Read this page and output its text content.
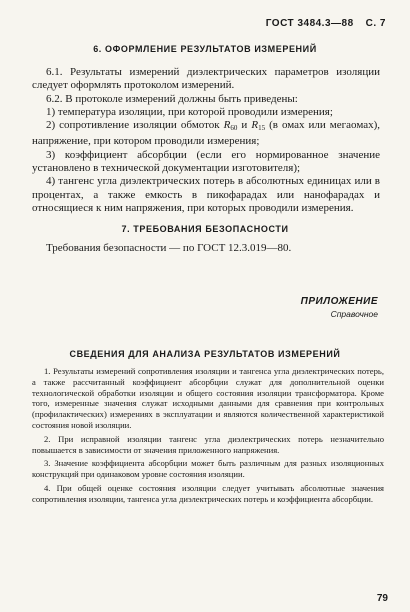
ГОСТ 3484.3—88 С. 7
6. ОФОРМЛЕНИЕ РЕЗУЛЬТАТОВ ИЗМЕРЕНИЙ

6.1. Результаты измерений диэлектрических параметров изоляции следует оформлять протоколом измерений.

6.2. В протоколе измерений должны быть приведены:

1) температура изоляции, при которой проводили измерения;

2) сопротивление изоляции обмоток $R_{60}$ и $R_{15}$ (в омах или мегаомах), напряжение, при котором проводили измерения;

3) коэффициент абсорбции (если его нормированное значение установлено в технической документации изготовителя);

4) тангенс угла диэлектрических потерь в абсолютных единицах или в процентах, а также емкость в пикофарадах или нанофарадах и относящиеся к ним напряжения, при которых проводили измерения.

7. ТРЕБОВАНИЯ БЕЗОПАСНОСТИ

Требования безопасности — по ГОСТ 12.3.019—80.

ПРИЛОЖЕНИЕ
Справочное
СВЕДЕНИЯ ДЛЯ АНАЛИЗА РЕЗУЛЬТАТОВ ИЗМЕРЕНИЙ

1. Результаты измерений сопротивления изоляции и тангенса угла диэлектрических потерь, а также рассчитанный коэффициент абсорбции служат для дополнительной оценки технологической обработки изоляции и общего состояния изоляции трансформатора. Кроме того, измеренные значения служат исходными данными для сравнения при контрольных (профилактических) измерениях в эксплуатации и являются количественной характеристикой состояния новой изоляции.

2. При исправной изоляции тангенс угла диэлектрических потерь незначительно повышается в зависимости от значения приложенного напряжения.

3. Значение коэффициента абсорбции может быть различным для разных изоляционных конструкций при одинаковом уровне состояния изоляции.

4. При общей оценке состояния изоляции следует учитывать абсолютные значения сопротивления изоляции, тангенса угла диэлектрических потерь и коэффициента абсорбции.

79
